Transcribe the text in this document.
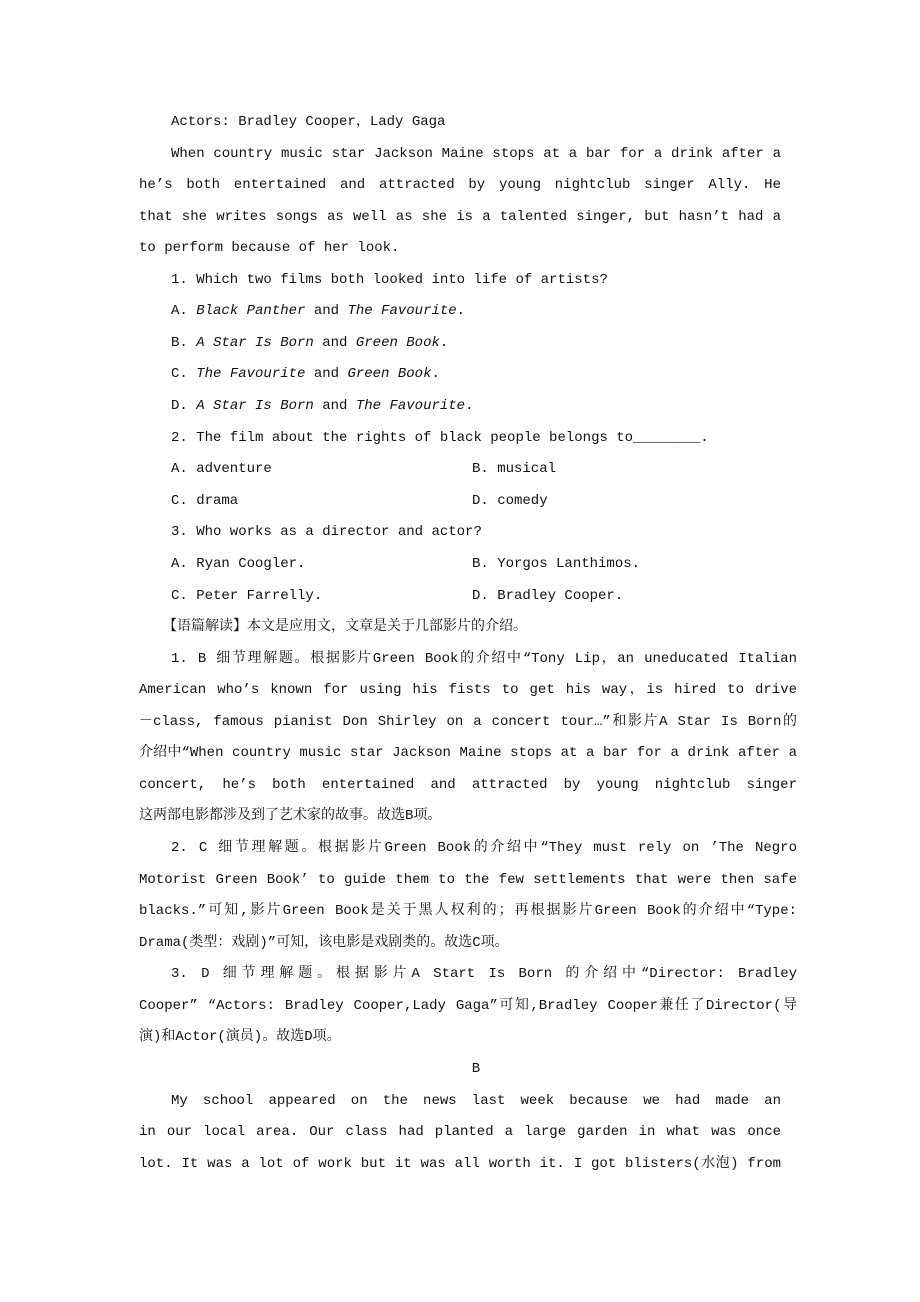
Actors: Bradley Cooper，Lady Gaga
When country music star Jackson Maine stops at a bar for a drink after a
he’s both entertained and attracted by young nightclub singer Ally. He
that she writes songs as well as she is a talented singer, but hasn’t had a
to perform because of her look.
1. Which two films both looked into life of artists?
A. Black Panther and The Favourite.
B. A Star Is Born and Green Book.
C. The Favourite and Green Book.
D. A Star Is Born and The Favourite.
2. The film about the rights of black people belongs to________.
A. adventure	B. musical
C. drama	D. comedy
3. Who works as a director and actor?
A. Ryan Coogler.	B. Yorgos Lanthimos.
C. Peter Farrelly.	D. Bradley Cooper.
【语篇解读】本文是应用文，文章是关于几部影片的介绍。
1. B 细节理解题。根据影片Green Book的介绍中“Tony Lip，an uneducated Italian
American who’s known for using his fists to get his way，is hired to drive
－class, famous pianist Don Shirley on a concert tour…”和影片A Star Is Born的
介绍中“When country music star Jackson Maine stops at a bar for a drink after a
concert, he’s both entertained and attracted by young nightclub singer
这两部电影都涉及到了艺术家的故事。故选B项。
2. C 细节理解题。根据影片Green Book的介绍中“They must rely on ’The Negro
Motorist Green Book’ to guide them to the few settlements that were then safe
blacks.”可知,影片Green Book是关于黑人权利的；再根据影片Green Book的介绍中“Type:
Drama(类型：戏剧)”可知，该电影是戏剧类的。故选C项。
3. D 细节理解题。根据影片A Start Is Born 的介绍中“Director: Bradley
Cooper” “Actors: Bradley Cooper,Lady Gaga”可知,Bradley Cooper兼任了Director(导
演)和Actor(演员)。故选D项。
B
My school appeared on the news last week because we had made an
in our local area. Our class had planted a large garden in what was once
lot. It was a lot of work but it was all worth it. I got blisters(水泡) from
